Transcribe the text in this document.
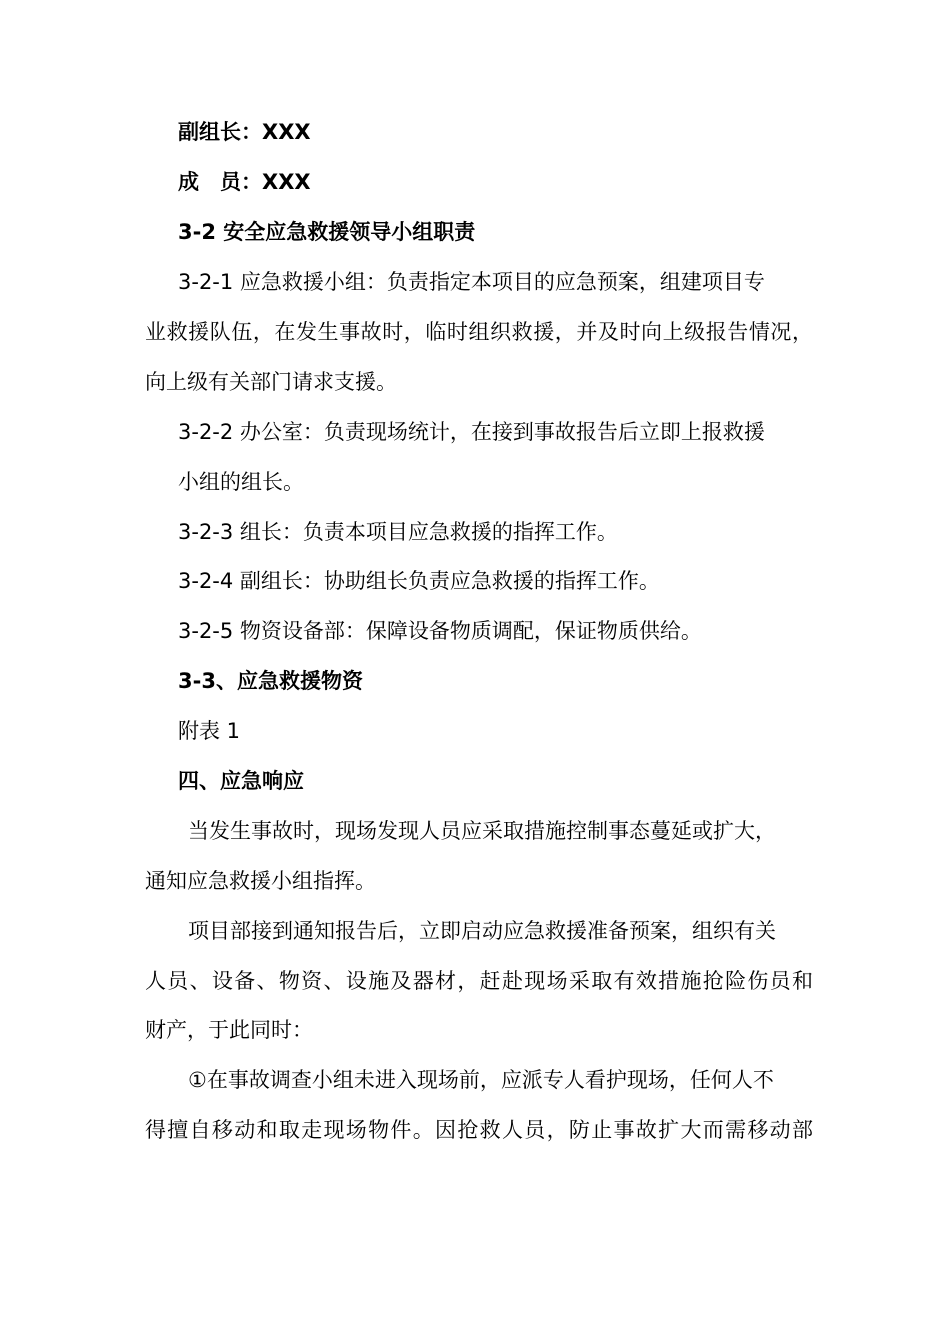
副组长：XXX
成　员：XXX
3-2 安全应急救援领导小组职责
3-2-1 应急救援小组：负责指定本项目的应急预案，组建项目专
业救援队伍，在发生事故时，临时组织救援，并及时向上级报告情况，
向上级有关部门请求支援。
3-2-2 办公室：负责现场统计，在接到事故报告后立即上报救援
小组的组长。
3-2-3 组长：负责本项目应急救援的指挥工作。
3-2-4 副组长：协助组长负责应急救援的指挥工作。
3-2-5 物资设备部：保障设备物质调配，保证物质供给。
3-3、应急救援物资
附表 1
四、应急响应
当发生事故时，现场发现人员应采取措施控制事态蔓延或扩大，
通知应急救援小组指挥。
项目部接到通知报告后，立即启动应急救援准备预案，组织有关
人员、设备、物资、设施及器材，赶赴现场采取有效措施抢险伤员和
财产，于此同时：
①在事故调查小组未进入现场前，应派专人看护现场，任何人不
得擅自移动和取走现场物件。因抢救人员，防止事故扩大而需移动部
